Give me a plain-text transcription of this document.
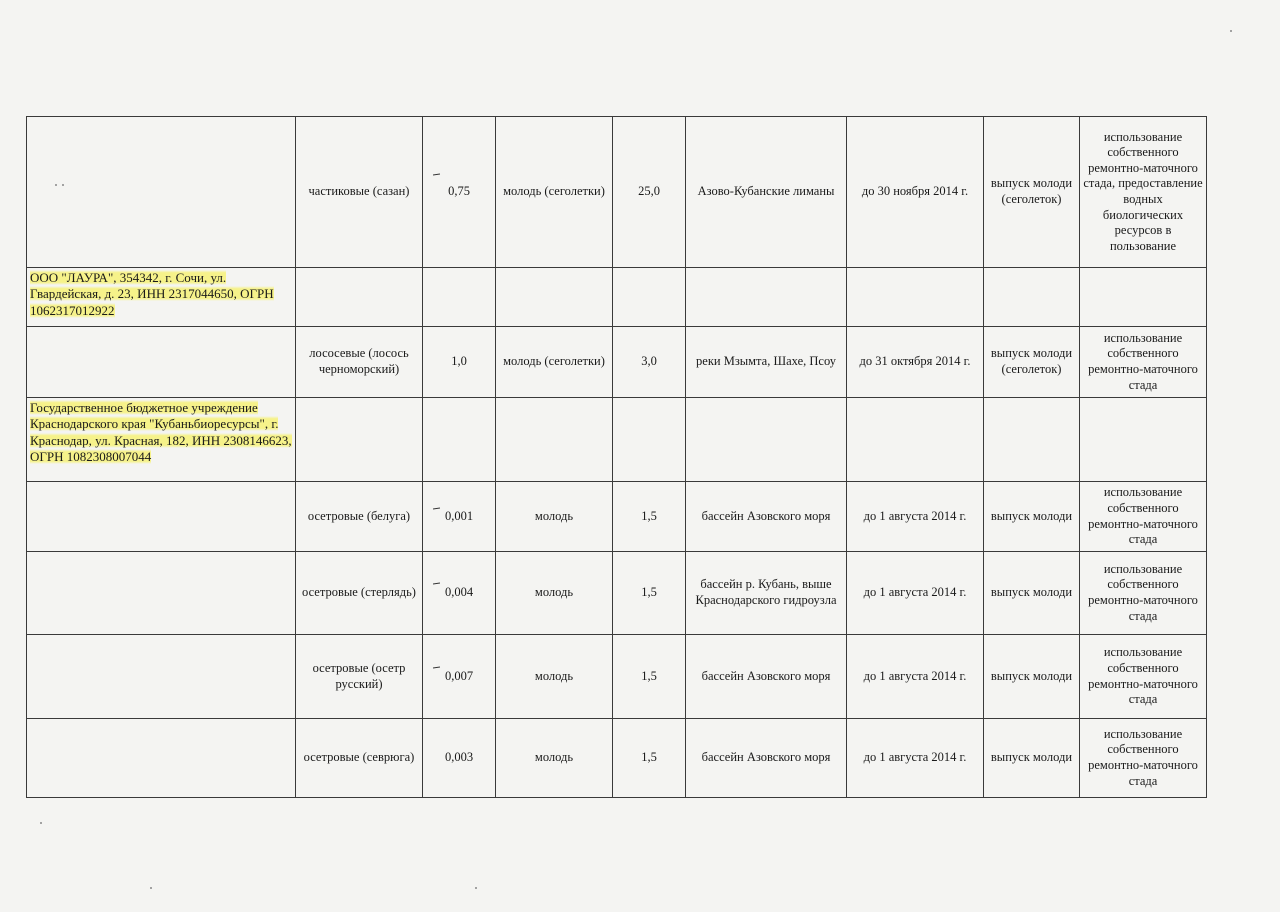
	частиковые (сазан)	0,75	молодь (сеголетки)	25,0	Азово-Кубанские лиманы	до 30 ноября 2014 г.	выпуск молоди (сеголеток)	использование собственного ремонтно-маточного стада, предоставление водных биологических ресурсов в пользование
ООО "ЛАУРА", 354342, г. Сочи, ул. Гвардейская, д. 23, ИНН 2317044650, ОГРН 1062317012922								
	лососевые (лосось черноморский)	1,0	молодь (сеголетки)	3,0	реки Мзымта, Шахе, Псоу	до 31 октября 2014 г.	выпуск молоди (сеголеток)	использование собственного ремонтно-маточного стада
Государственное бюджетное учреждение Краснодарского края "Кубаньбиоресурсы", г. Краснодар, ул. Красная, 182, ИНН 2308146623, ОГРН 1082308007044								
	осетровые (белуга)	0,001	молодь	1,5	бассейн Азовского моря	до 1 августа 2014 г.	выпуск молоди	использование собственного ремонтно-маточного стада
	осетровые (стерлядь)	0,004	молодь	1,5	бассейн р. Кубань, выше Краснодарского гидроузла	до 1 августа 2014 г.	выпуск молоди	использование собственного ремонтно-маточного стада
	осетровые (осетр русский)	0,007	молодь	1,5	бассейн Азовского моря	до 1 августа 2014 г.	выпуск молоди	использование собственного ремонтно-маточного стада
	осетровые (севрюга)	0,003	молодь	1,5	бассейн Азовского моря	до 1 августа 2014 г.	выпуск молоди	использование собственного ремонтно-маточного стада
